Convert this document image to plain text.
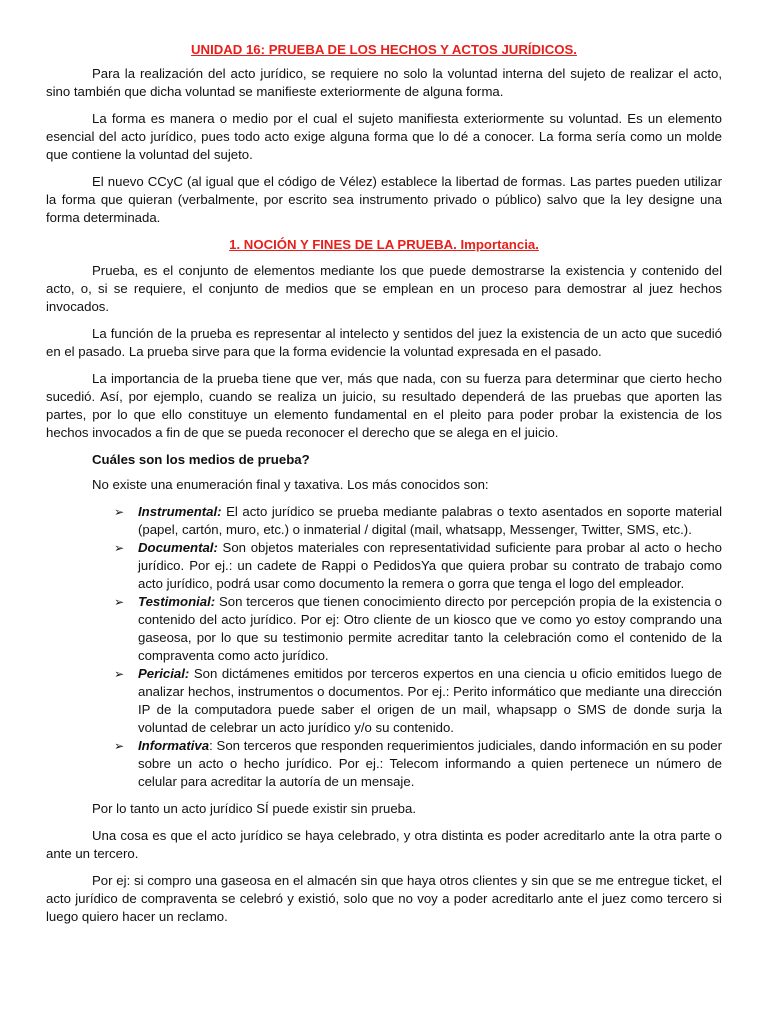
UNIDAD 16: PRUEBA DE LOS HECHOS Y ACTOS JURÍDICOS.

Para la realización del acto jurídico, se requiere no solo la voluntad interna del sujeto de realizar el acto, sino también que dicha voluntad se manifieste exteriormente de alguna forma.

La forma es manera o medio por el cual el sujeto manifiesta exteriormente su voluntad. Es un elemento esencial del acto jurídico, pues todo acto exige alguna forma que lo dé a conocer. La forma sería como un molde que contiene la voluntad del sujeto.

El nuevo CCyC (al igual que el código de Vélez) establece la libertad de formas. Las partes pueden utilizar la forma que quieran (verbalmente, por escrito sea instrumento privado o público) salvo que la ley designe una forma determinada.

1. NOCIÓN Y FINES DE LA PRUEBA. Importancia.

Prueba, es el conjunto de elementos mediante los que puede demostrarse la existencia y contenido del acto, o, si se requiere, el conjunto de medios que se emplean en un proceso para demostrar al juez hechos invocados.

La función de la prueba es representar al intelecto y sentidos del juez la existencia de un acto que sucedió en el pasado. La prueba sirve para que la forma evidencie la voluntad expresada en el pasado.

La importancia de la prueba tiene que ver, más que nada, con su fuerza para determinar que cierto hecho sucedió. Así, por ejemplo, cuando se realiza un juicio, su resultado dependerá de las pruebas que aporten las partes, por lo que ello constituye un elemento fundamental en el pleito para poder probar la existencia de los hechos invocados a fin de que se pueda reconocer el derecho que se alega en el juicio.

Cuáles son los medios de prueba?

No existe una enumeración final y taxativa. Los más conocidos son:

➢ Instrumental: El acto jurídico se prueba mediante palabras o texto asentados en soporte material (papel, cartón, muro, etc.) o inmaterial / digital (mail, whatsapp, Messenger, Twitter, SMS, etc.).
➢ Documental: Son objetos materiales con representatividad suficiente para probar al acto o hecho jurídico. Por ej.: un cadete de Rappi o PedidosYa que quiera probar su contrato de trabajo como acto jurídico, podrá usar como documento la remera o gorra que tenga el logo del empleador.
➢ Testimonial: Son terceros que tienen conocimiento directo por percepción propia de la existencia o contenido del acto jurídico. Por ej: Otro cliente de un kiosco que ve como yo estoy comprando una gaseosa, por lo que su testimonio permite acreditar tanto la celebración como el contenido de la compraventa como acto jurídico.
➢ Pericial: Son dictámenes emitidos por terceros expertos en una ciencia u oficio emitidos luego de analizar hechos, instrumentos o documentos. Por ej.: Perito informático que mediante una dirección IP de la computadora puede saber el origen de un mail, whapsapp o SMS de donde surja la voluntad de celebrar un acto jurídico y/o su contenido.
➢ Informativa: Son terceros que responden requerimientos judiciales, dando información en su poder sobre un acto o hecho jurídico. Por ej.: Telecom informando a quien pertenece un número de celular para acreditar la autoría de un mensaje.

Por lo tanto un acto jurídico SÍ puede existir sin prueba.

Una cosa es que el acto jurídico se haya celebrado, y otra distinta es poder acreditarlo ante la otra parte o ante un tercero.

Por ej: si compro una gaseosa en el almacén sin que haya otros clientes y sin que se me entregue ticket, el acto jurídico de compraventa se celebró y existió, solo que no voy a poder acreditarlo ante el juez como tercero si luego quiero hacer un reclamo.
